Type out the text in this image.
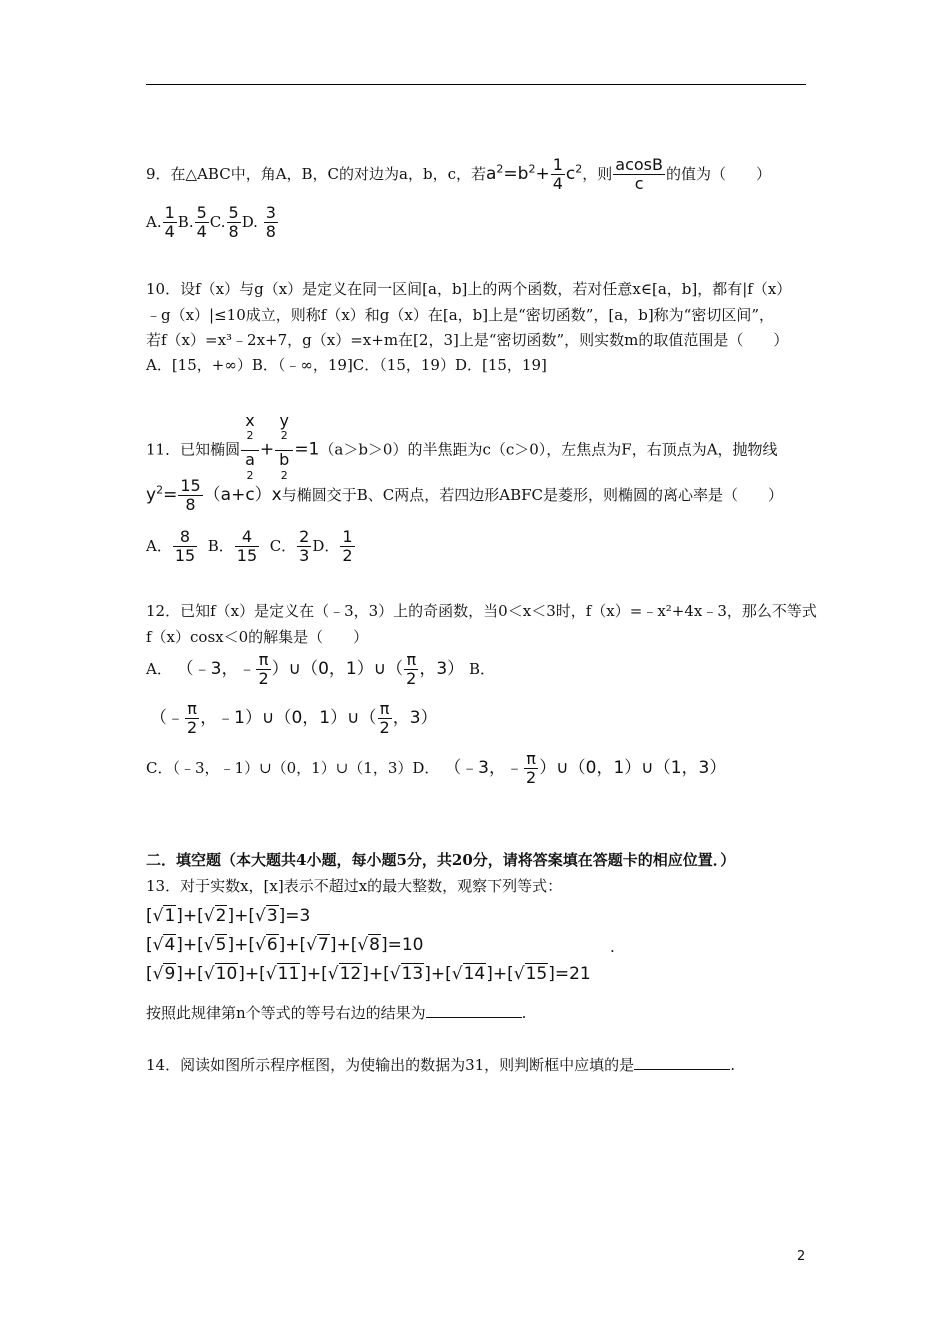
9．在△ABC中，角A，B，C的对边为a，b，c，若$a^2=b^2+ \frac{1}{4} c^2$，则 $\frac{acosB}{c}$ 的值为（　　）
A. $\frac{1}{4} B$. $\frac{5}{4} C$. $\frac{5}{8} D$. $\frac{3}{8}$
10．设f（x）与g（x）是定义在同一区间[a，b]上的两个函数，若对任意x∈[a，b]，都有|f（x）
﹣g（x）|≤10成立，则称f（x）和g（x）在[a，b]上是“密切函数”，[a，b]称为“密切区间”，
若f（x）=x³﹣2x+7，g（x）=x+m在[2，3]上是“密切函数”，则实数m的取值范围是（　　）
A．[15，+∞）B．（﹣∞，19]C．（15，19）D．[15，19]
11．已知椭圆 x
$^2$
a
$^2$ + y
$^2$
b
$^2$ =1（a＞b＞0）的半焦距为c（c＞0），左焦点为F，右顶点为A，抛物线
$y^2= \frac{15}{8} (a+c)x$与椭圆交于B、C两点，若四边形ABFC是菱形，则椭圆的离心率是（　　）
A． $\frac{8}{15}$ B． $\frac{4}{15}$ C． $\frac{2}{3}$ D． $\frac{1}{2}$
12．已知f（x）是定义在（﹣3，3）上的奇函数，当0＜x＜3时，f（x）=﹣x²+4x﹣3，那么不等式
f（x）cosx＜0的解集是（　　）
A． （﹣3，﹣ $\frac{\pi}{2}$ ）∪（0，1）∪（ $\frac{\pi}{2}$ ，3） B．
（﹣ $\frac{\pi}{2}$ ，﹣1）∪（0，1）∪（ $\frac{\pi}{2}$ ，3）
C．（﹣3，﹣1）∪（0，1）∪（1，3）D． （﹣3，﹣ $\frac{\pi}{2}$ ）∪（0，1）∪（1，3）
二．填空题（本大题共4小题，每小题5分，共20分，请将答案填在答题卡的相应位置．）
13．对于实数x，[x]表示不超过x的最大整数，观察下列等式：
[√1]+[√2]+[√3]=3
[√4]+[√5]+[√6]+[√7]+[√8]=10	.
[√9]+[√10]+[√11]+[√12]+[√13]+[√14]+[√15]=21
按照此规律第n个等式的等号右边的结果为	.
14．阅读如图所示程序框图，为使输出的数据为31，则判断框中应填的是	.
2
